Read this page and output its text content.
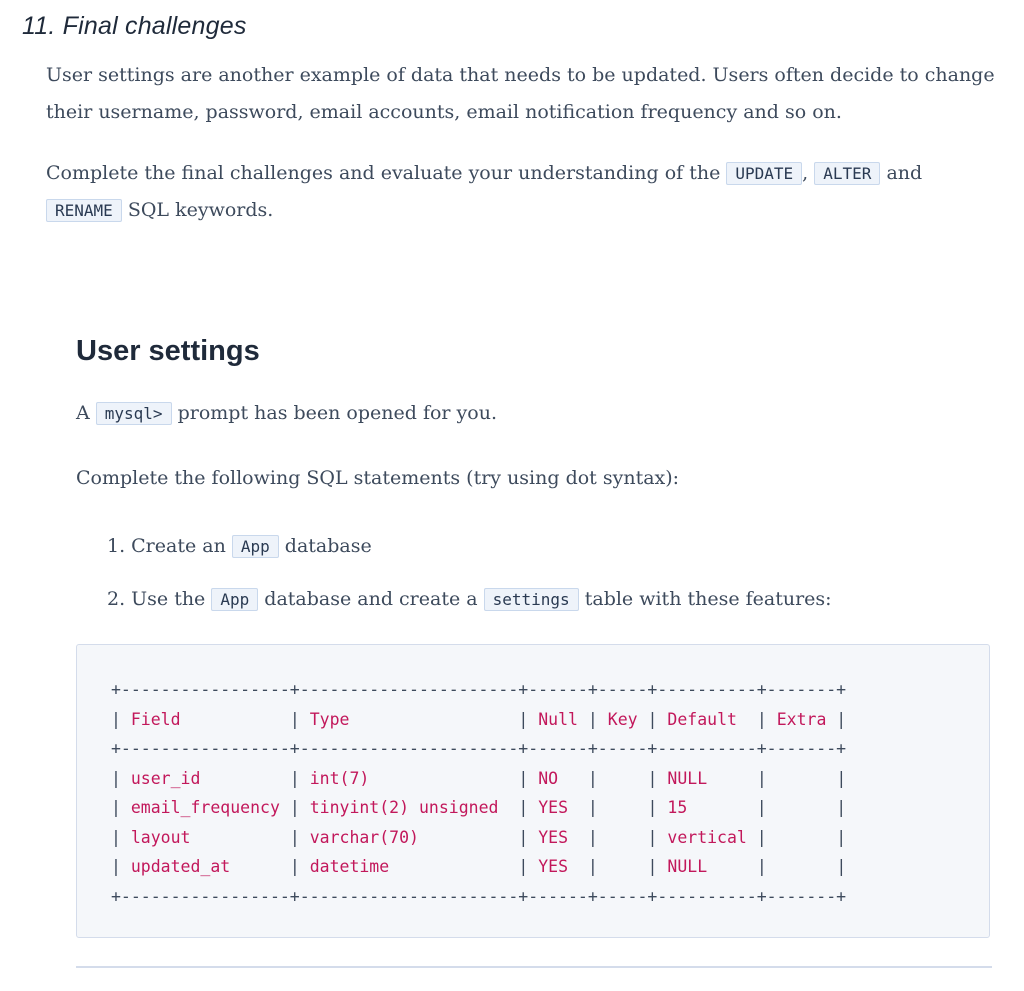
11. Final challenges

User settings are another example of data that needs to be updated. Users often decide to change their username, password, email accounts, email notification frequency and so on.

Complete the final challenges and evaluate your understanding of the UPDATE , ALTER and RENAME SQL keywords.

User settings

A mysql> prompt has been opened for you.

Complete the following SQL statements (try using dot syntax):

1. Create an App database
2. Use the App database and create a settings table with these features:
+-----------------+----------------------+------+-----+----------+-------+
| Field	| Type	| Null | Key | Default  | Extra |
+-----------------+----------------------+------+-----+----------+-------+
| user_id	| int(7)	| NO   |     | NULL     |	|
| email_frequency | tinyint(2) unsigned  | YES  |     | 15	|	|
| layout	| varchar(70)	| YES  |     | vertical |	|
| updated_at	| datetime	| YES  |     | NULL     |	|
+-----------------+----------------------+------+-----+----------+-------+
